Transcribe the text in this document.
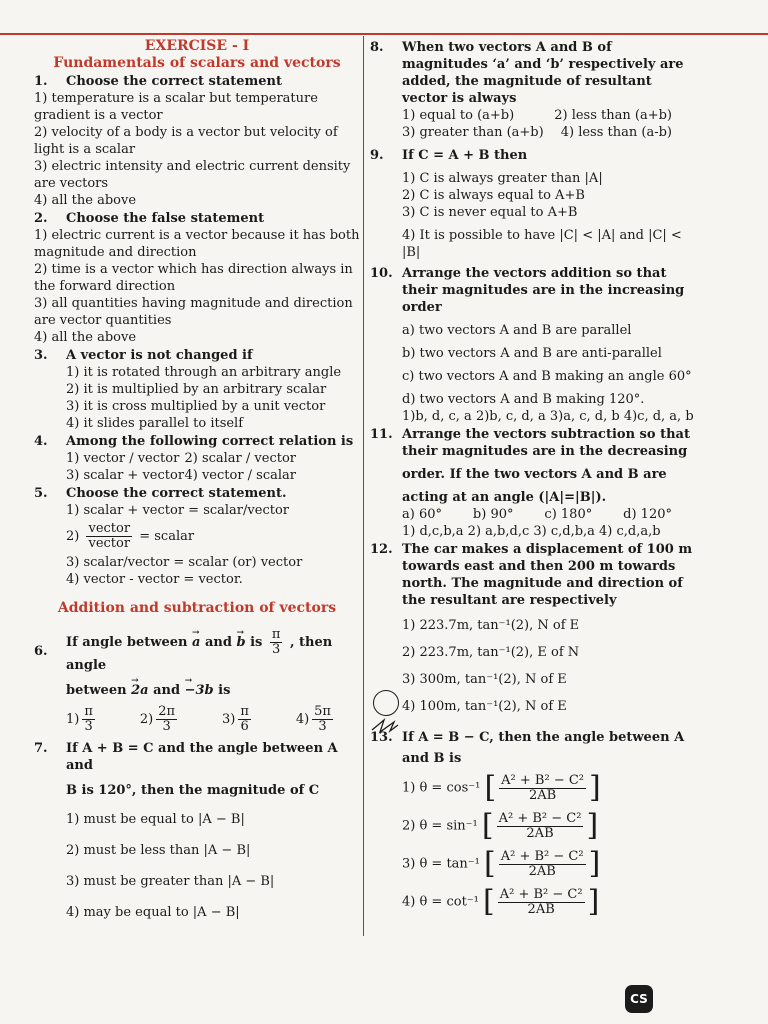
EXERCISE - I
Fundamentals of scalars and vectors
1.	Choose the correct statement
1) temperature is a scalar but temperature gradient is a vector
2) velocity of a body is a vector but velocity of light is a scalar
3) electric intensity and electric current density are vectors
4) all the above
2.	Choose the false statement
1) electric current is a vector because it has both magnitude and direction
2) time is a vector which has direction always in the forward direction
3) all quantities having magnitude and direction are vector quantities
4) all the above
3.	A vector is not changed if
1) it is rotated through an arbitrary angle
2) it is multiplied by an arbitrary scalar
3) it is cross multiplied by a unit vector
4) it slides parallel to itself
4.	Among the following correct relation is
1) vector / vector 2) scalar / vector
3) scalar + vector 4) vector / scalar
5.	Choose the correct statement.
1) scalar + vector = scalar/vector
$2) \frac{\text{vector}}{\text{vector}}$ = scalar
3) scalar/vector = scalar (or) vector
4) vector - vector = vector.
Addition and subtraction of vectors
6.
If angle between → a and → b is $\frac{\pi}{3}$ , then angle
between → 2a and → −3b is
$1) \frac{\pi}{3}$	$2) \frac{2\pi}{3}$	$3) \frac{\pi}{6}$	$4) \frac{5\pi}{3}$
7.	If A + B = C and the angle between A and
B is 120°, then the magnitude of C
1) must be equal to |A − B|
2) must be less than |A − B|
3) must be greater than |A − B|
4) may be equal to |A − B|
8.	When two vectors A and B of magnitudes ‘a’ and ‘b’ respectively are added, the magnitude of resultant vector is always
1) equal to (a+b)	2) less than (a+b)
3) greater than (a+b) 4) less than (a-b)
9.	If C = A + B then
1) C is always greater than |A|
2) C is always equal to A+B
3) C is never equal to A+B
4) It is possible to have |C| < |A| and |C| < |B|
10. Arrange the vectors addition so that their magnitudes are in the increasing order
a) two vectors A and B are parallel
b) two vectors A and B are anti-parallel
c) two vectors A and B making an angle 60°
d) two vectors A and B making 120°.
1)b, d, c, a 2)b, c, d, a 3)a, c, d, b 4)c, d, a, b
11. Arrange the vectors subtraction so that their magnitudes are in the decreasing
order. If the two vectors A and B are
acting at an angle (|A|=|B|).
a) 60° b) 90° c) 180° d) 120°
1) d,c,b,a 2) a,b,d,c 3) c,d,b,a 4) c,d,a,b
12. The car makes a displacement of 100 m towards east and then 200 m towards north. The magnitude and direction of the resultant are respectively
1) 223.7m, tan⁻¹(2), N of E
2) 223.7m, tan⁻¹(2), E of N
3) 300m, tan⁻¹(2), N of E
4) 100m, tan⁻¹(2), N of E
13. If A = B − C, then the angle between A
and B is
1) θ = cos⁻¹ [ $\frac{\text{A² + B² − C²}}{2AB}$ ]
2) θ = sin⁻¹ [ $\frac{\text{A² + B² − C²}}{2AB}$ ]
3) θ = tan⁻¹ [ $\frac{\text{A² + B² − C²}}{2AB}$ ]
4) θ = cot⁻¹ [ $\frac{\text{A² + B² − C²}}{2AB}$ ]
CS
